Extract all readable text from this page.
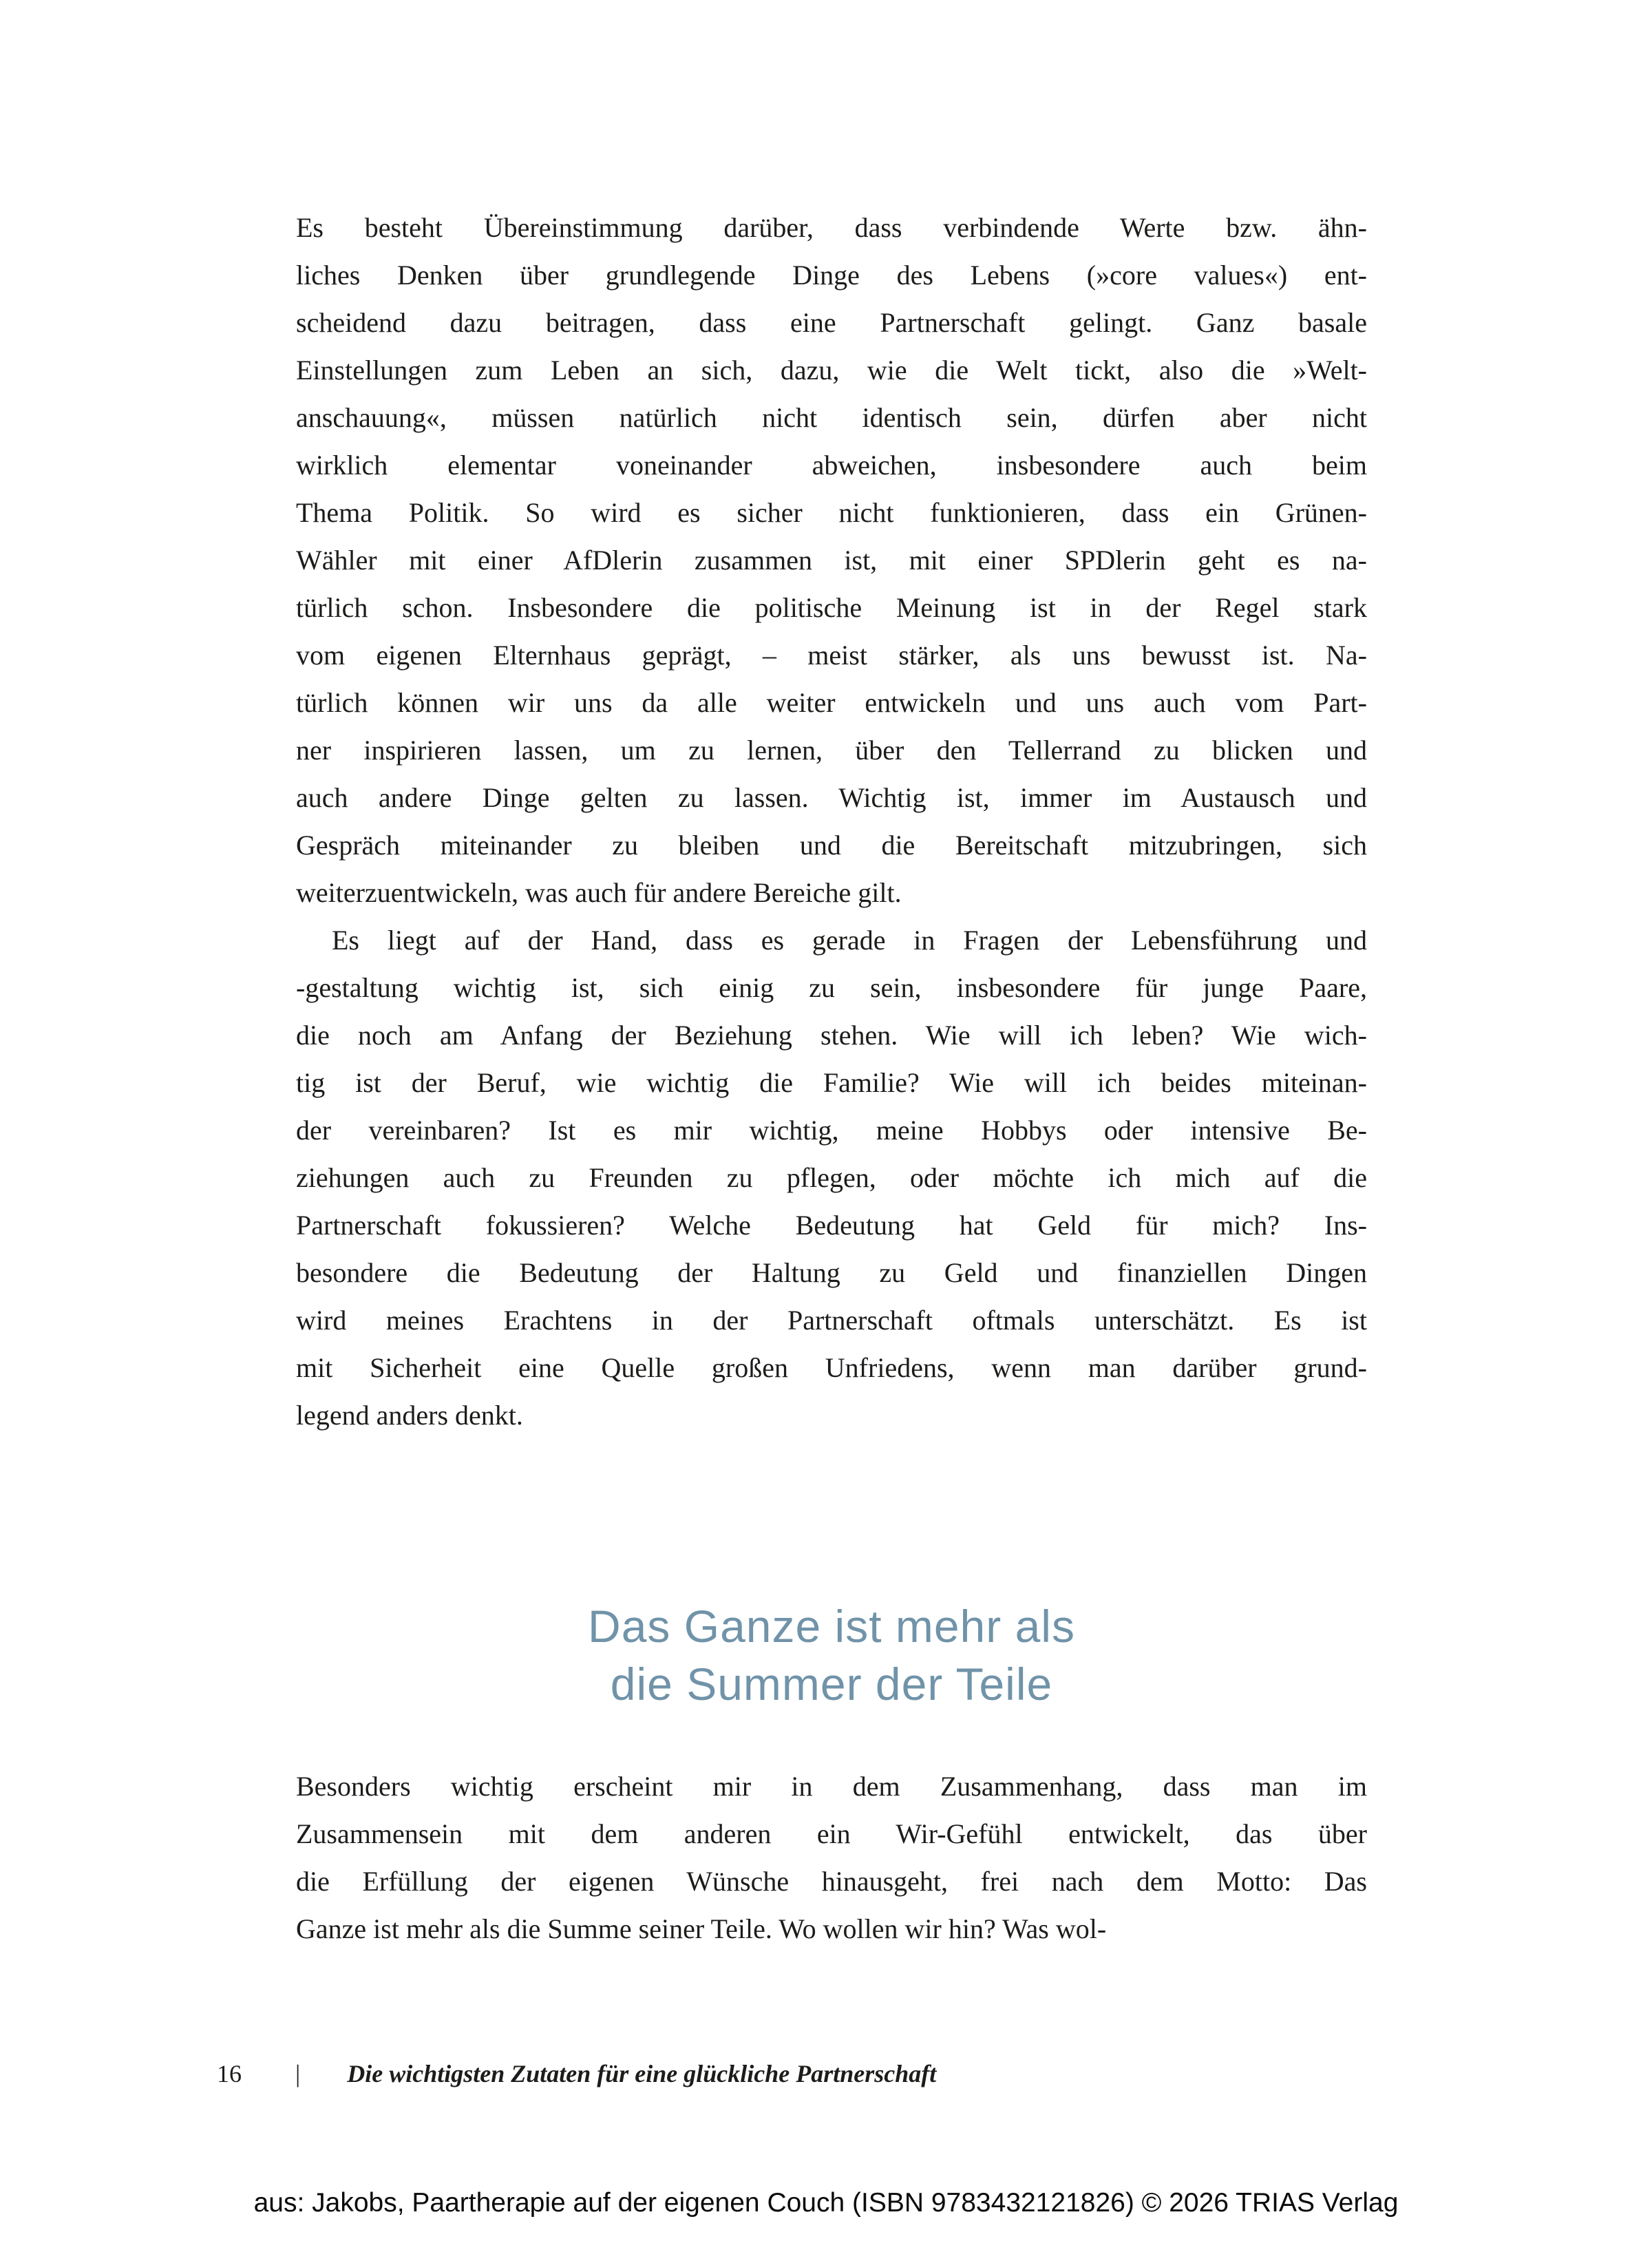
Es besteht Übereinstimmung darüber, dass verbindende Werte bzw. ähn-
liches Denken über grundlegende Dinge des Lebens (»core values«) ent-
scheidend dazu beitragen, dass eine Partnerschaft gelingt. Ganz basale
Einstellungen zum Leben an sich, dazu, wie die Welt tickt, also die »Welt-
anschauung«, müssen natürlich nicht identisch sein, dürfen aber nicht
wirklich elementar voneinander abweichen, insbesondere auch beim
Thema Politik. So wird es sicher nicht funktionieren, dass ein Grünen-
Wähler mit einer AfDlerin zusammen ist, mit einer SPDlerin geht es na-
türlich schon. Insbesondere die politische Meinung ist in der Regel stark
vom eigenen Elternhaus geprägt, – meist stärker, als uns bewusst ist. Na-
türlich können wir uns da alle weiter entwickeln und uns auch vom Part-
ner inspirieren lassen, um zu lernen, über den Tellerrand zu blicken und
auch andere Dinge gelten zu lassen. Wichtig ist, immer im Austausch und
Gespräch miteinander zu bleiben und die Bereitschaft mitzubringen, sich
weiterzuentwickeln, was auch für andere Bereiche gilt.
Es liegt auf der Hand, dass es gerade in Fragen der Lebensführung und
-gestaltung wichtig ist, sich einig zu sein, insbesondere für junge Paare,
die noch am Anfang der Beziehung stehen. Wie will ich leben? Wie wich-
tig ist der Beruf, wie wichtig die Familie? Wie will ich beides miteinan-
der vereinbaren? Ist es mir wichtig, meine Hobbys oder intensive Be-
ziehungen auch zu Freunden zu pflegen, oder möchte ich mich auf die
Partnerschaft fokussieren? Welche Bedeutung hat Geld für mich? Ins-
besondere die Bedeutung der Haltung zu Geld und finanziellen Dingen
wird meines Erachtens in der Partnerschaft oftmals unterschätzt. Es ist
mit Sicherheit eine Quelle großen Unfriedens, wenn man darüber grund-
legend anders denkt.
Das Ganze ist mehr als
die Summer der Teile
Besonders wichtig erscheint mir in dem Zusammenhang, dass man im
Zusammensein mit dem anderen ein Wir-Gefühl entwickelt, das über
die Erfüllung der eigenen Wünsche hinausgeht, frei nach dem Motto: Das
Ganze ist mehr als die Summe seiner Teile. Wo wollen wir hin? Was wol-
16 | Die wichtigsten Zutaten für eine glückliche Partnerschaft
aus: Jakobs, Paartherapie auf der eigenen Couch (ISBN 9783432121826) © 2026 TRIAS Verlag
